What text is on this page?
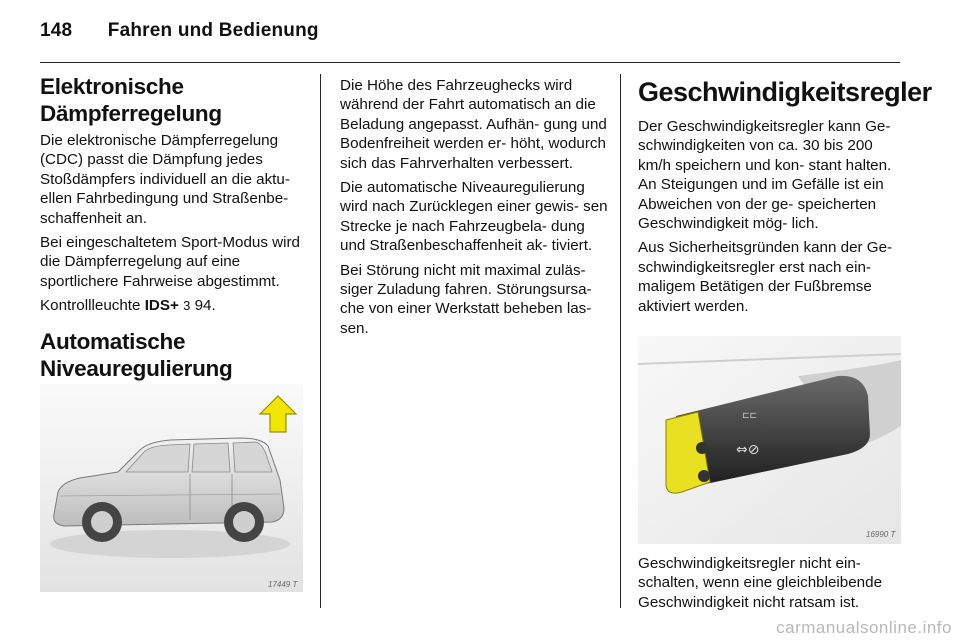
148 Fahren und Bedienung
Elektronische
Dämpferregelung

Die elektronische Dämpferregelung (CDC) passt die Dämpfung jedes Stoßdämpfers individuell an die aktu- ellen Fahrbedingung und Straßenbe- schaffenheit an.

Bei eingeschaltetem Sport-Modus wird die Dämpferregelung auf eine sportlichere Fahrweise abgestimmt.

Kontrollleuchte IDS+ 3 94.

Automatische
Niveauregulierung
17449 T

Die Höhe des Fahrzeughecks wird während der Fahrt automatisch an die Beladung angepasst. Aufhän- gung und Bodenfreiheit werden er- höht, wodurch sich das Fahrverhalten verbessert.

Die automatische Niveauregulierung wird nach Zurücklegen einer gewis- sen Strecke je nach Fahrzeugbela- dung und Straßenbeschaffenheit ak- tiviert.

Bei Störung nicht mit maximal zuläs- siger Zuladung fahren. Störungsursa- che von einer Werkstatt beheben las- sen.

Geschwindigkeitsregler

Der Geschwindigkeitsregler kann Ge- schwindigkeiten von ca. 30 bis 200 km/h speichern und kon- stant halten. An Steigungen und im Gefälle ist ein Abweichen von der ge- speicherten Geschwindigkeit mög- lich.

Aus Sicherheitsgründen kann der Ge- schwindigkeitsregler erst nach ein- maligem Betätigen der Fußbremse aktiviert werden.

⇔⊘
⊏⊏
16990 T
Geschwindigkeitsregler nicht ein- schalten, wenn eine gleichbleibende Geschwindigkeit nicht ratsam ist.
carmanualsonline.info
